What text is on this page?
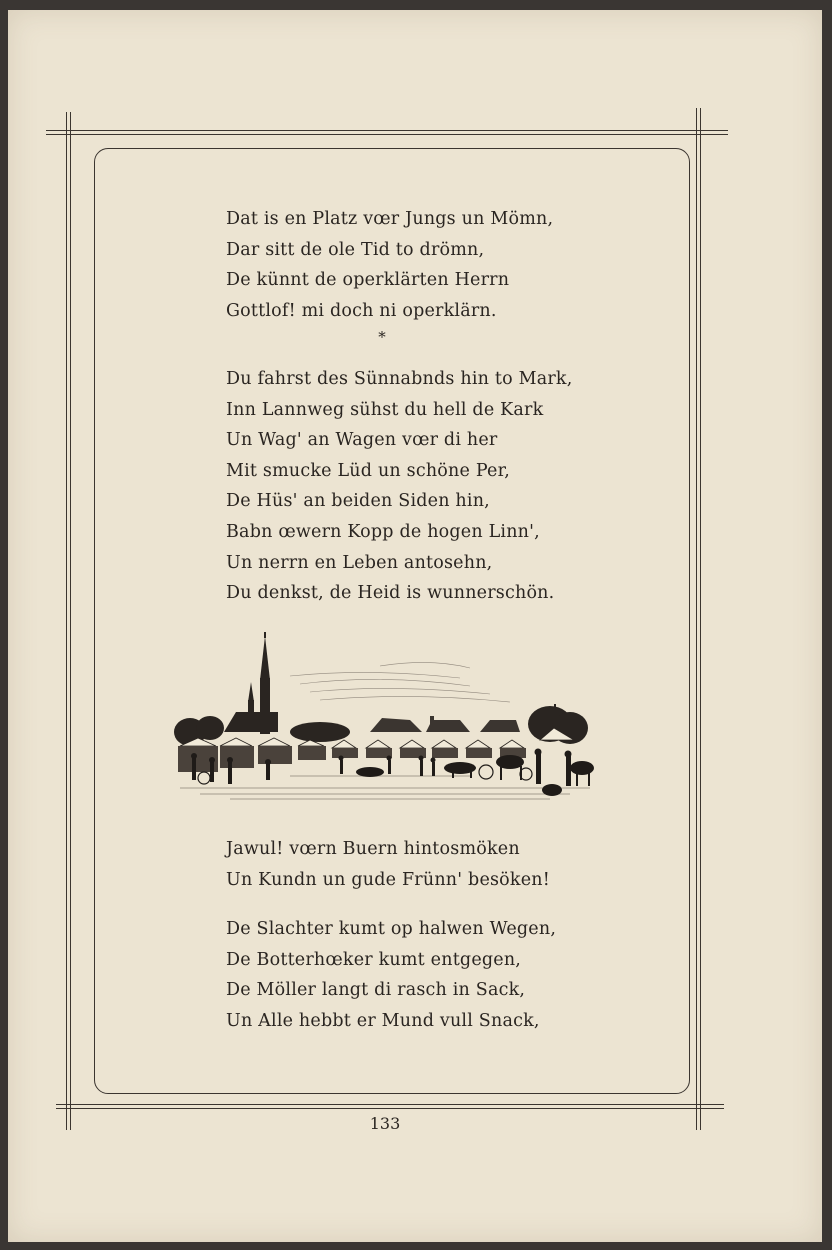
Dat is en Platz vœr Jungs un Mömn,
Dar sitt de ole Tid to drömn,
De künnt de operklärten Herrn
Gottlof! mi doch ni operklärn.
*
Du fahrst des Sünnabnds hin to Mark,
Inn Lannweg sühst du hell de Kark
Un Wag' an Wagen vœr di her
Mit smucke Lüd un schöne Per,
De Hüs' an beiden Siden hin,
Babn œwern Kopp de hogen Linn',
Un nerrn en Leben antosehn,
Du denkst, de Heid is wunnerschön.
Jawul! vœrn Buern hintosmöken
Un Kundn un gude Frünn' besöken!
De Slachter kumt op halwen Wegen,
De Botterhœker kumt entgegen,
De Möller langt di rasch in Sack,
Un Alle hebbt er Mund vull Snack,
133
